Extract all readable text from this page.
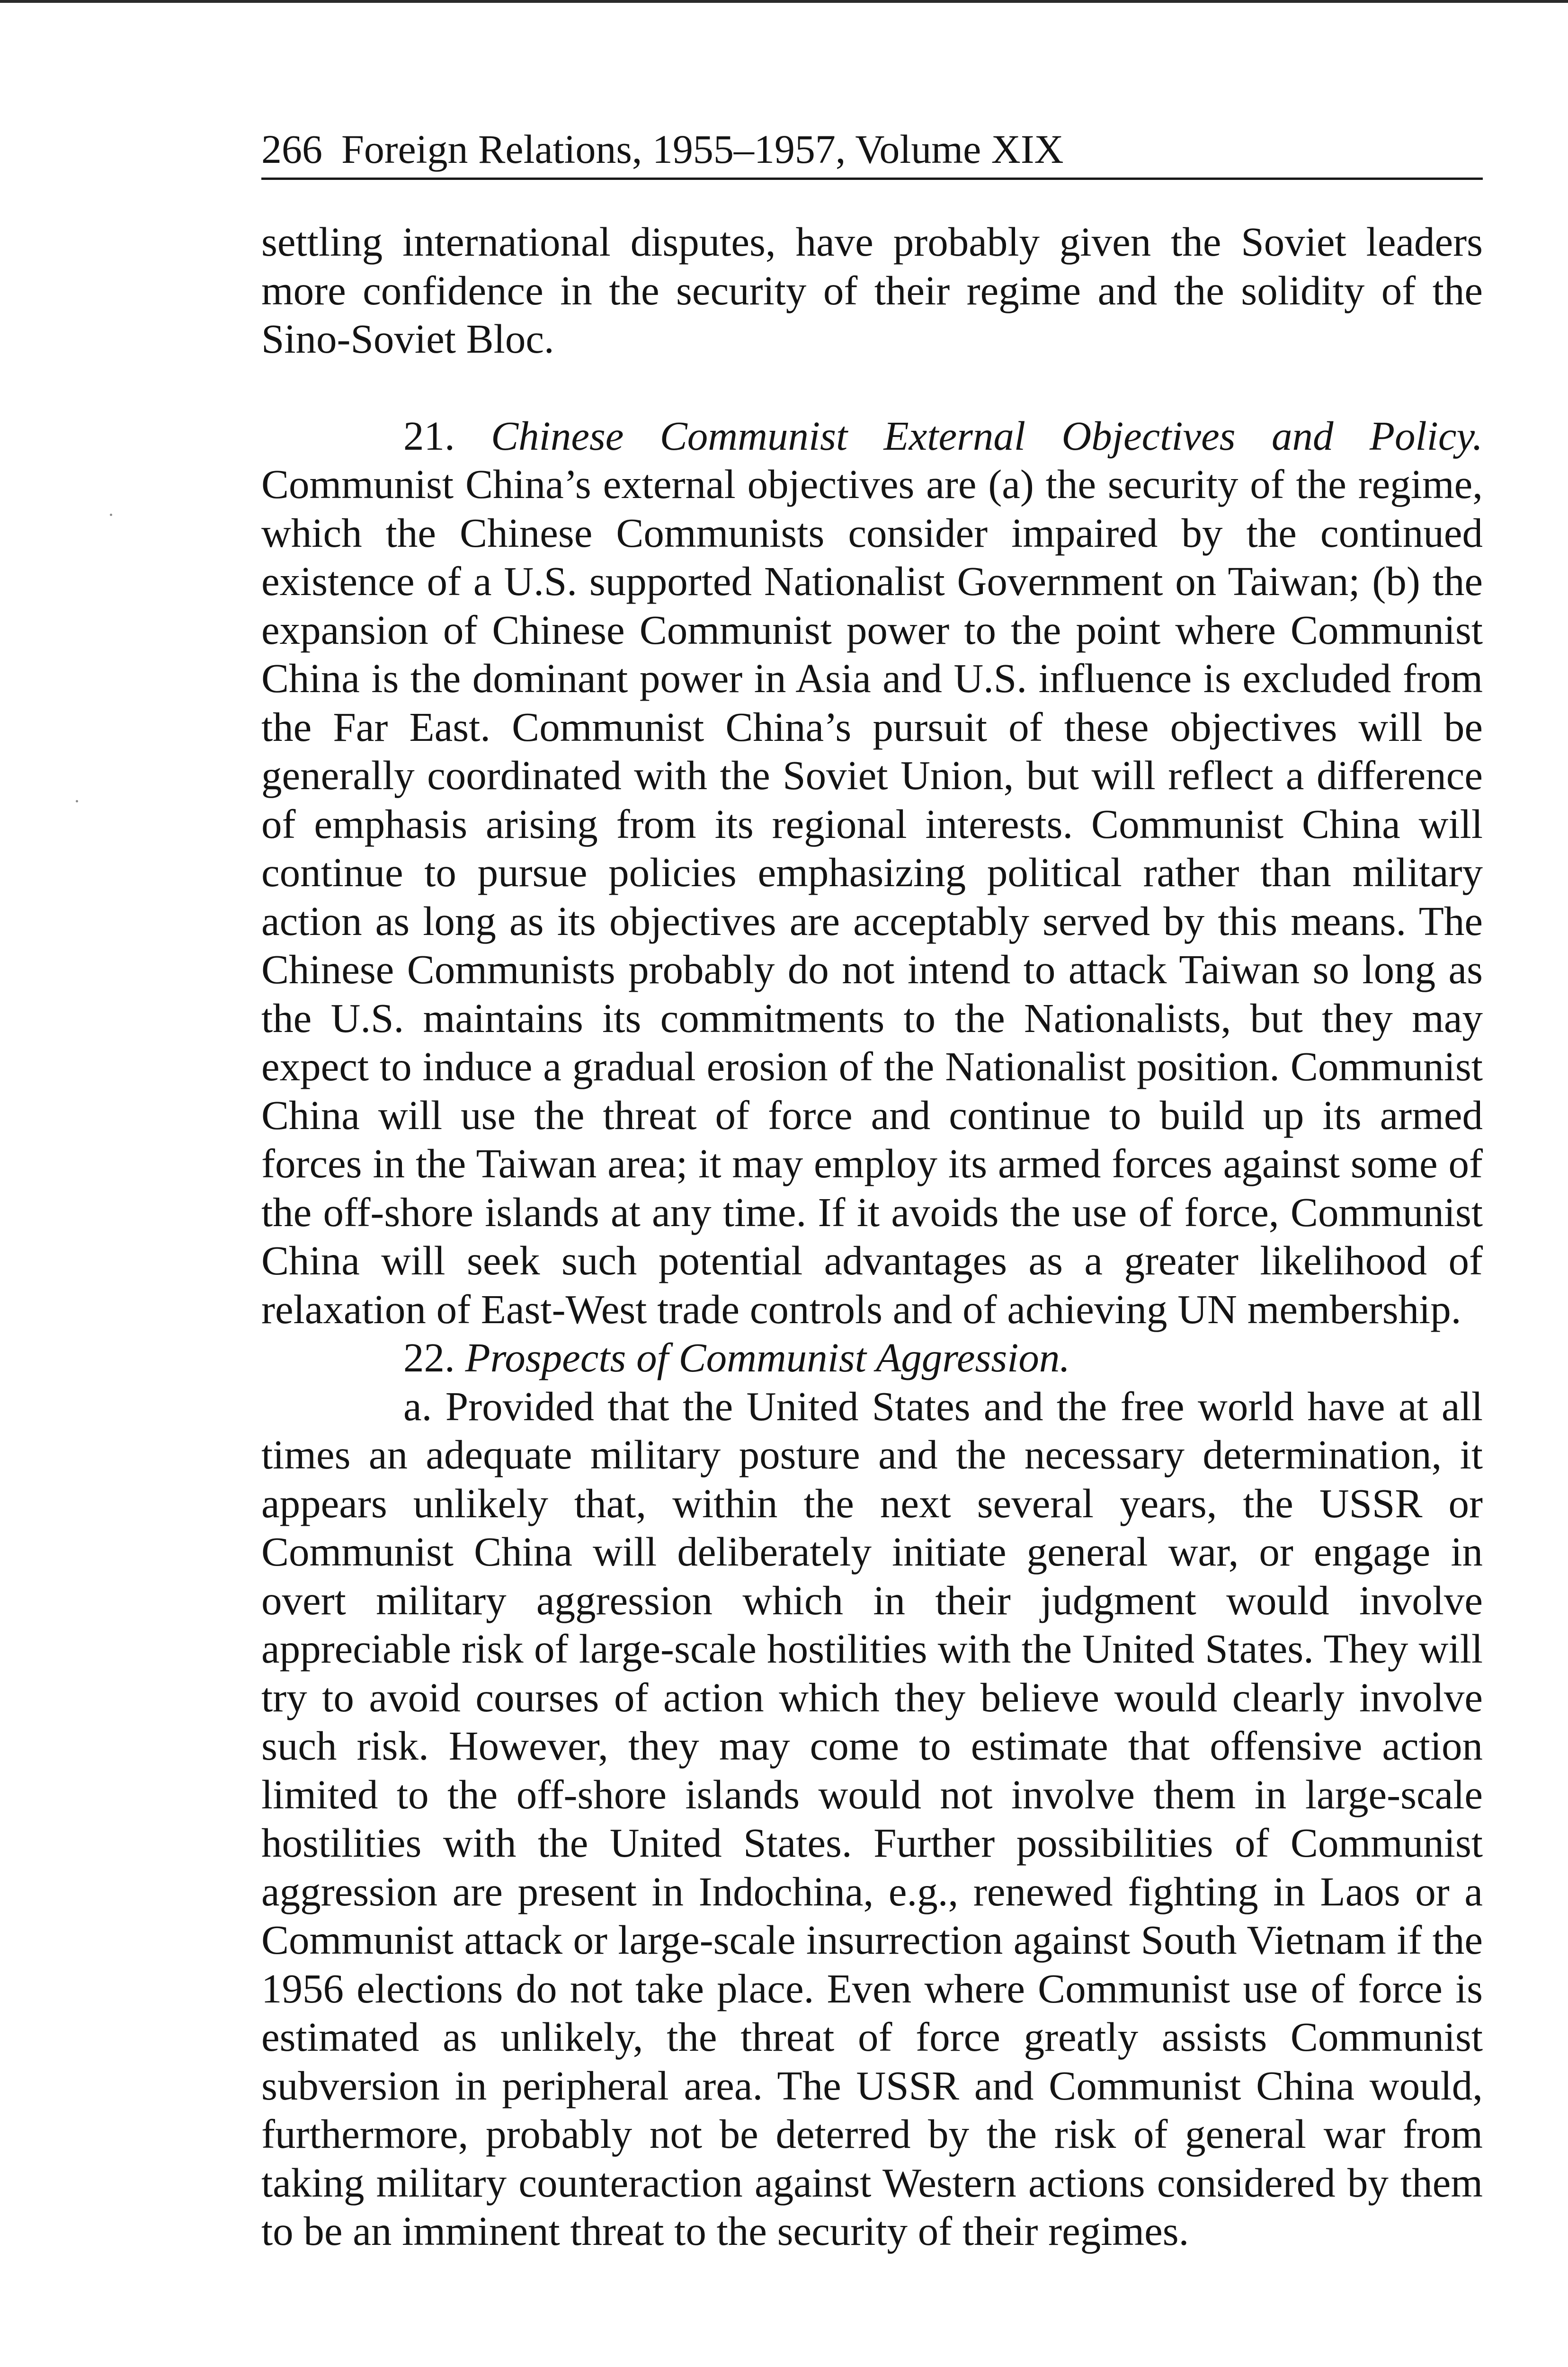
266 Foreign Relations, 1955–1957, Volume XIX

settling international disputes, have probably given the Soviet leaders more confidence in the security of their regime and the solidity of the Sino-Soviet Bloc.

21. Chinese Communist External Objectives and Policy. Communist China’s external objectives are (a) the security of the regime, which the Chinese Communists consider impaired by the continued existence of a U.S. supported Nationalist Government on Taiwan; (b) the expansion of Chinese Communist power to the point where Communist China is the dominant power in Asia and U.S. influence is excluded from the Far East. Communist China’s pursuit of these objectives will be generally coordinated with the Soviet Union, but will reflect a difference of emphasis arising from its regional interests. Communist China will continue to pursue policies emphasizing political rather than military action as long as its objectives are acceptably served by this means. The Chinese Communists probably do not intend to attack Taiwan so long as the U.S. maintains its commitments to the Nationalists, but they may expect to induce a gradual erosion of the Nationalist position. Communist China will use the threat of force and continue to build up its armed forces in the Taiwan area; it may employ its armed forces against some of the off-shore islands at any time. If it avoids the use of force, Communist China will seek such potential advantages as a greater likelihood of relaxation of East-West trade controls and of achieving UN membership.

22. Prospects of Communist Aggression.

a. Provided that the United States and the free world have at all times an adequate military posture and the necessary determination, it appears unlikely that, within the next several years, the USSR or Communist China will deliberately initiate general war, or engage in overt military aggression which in their judgment would involve appreciable risk of large-scale hostilities with the United States. They will try to avoid courses of action which they believe would clearly involve such risk. However, they may come to estimate that offensive action limited to the off-shore islands would not involve them in large-scale hostilities with the United States. Further possibilities of Communist aggression are present in Indochina, e.g., renewed fighting in Laos or a Communist attack or large-scale insurrection against South Vietnam if the 1956 elections do not take place. Even where Communist use of force is estimated as unlikely, the threat of force greatly assists Communist subversion in peripheral area. The USSR and Communist China would, furthermore, probably not be deterred by the risk of general war from taking military counteraction against Western actions considered by them to be an imminent threat to the security of their regimes.
